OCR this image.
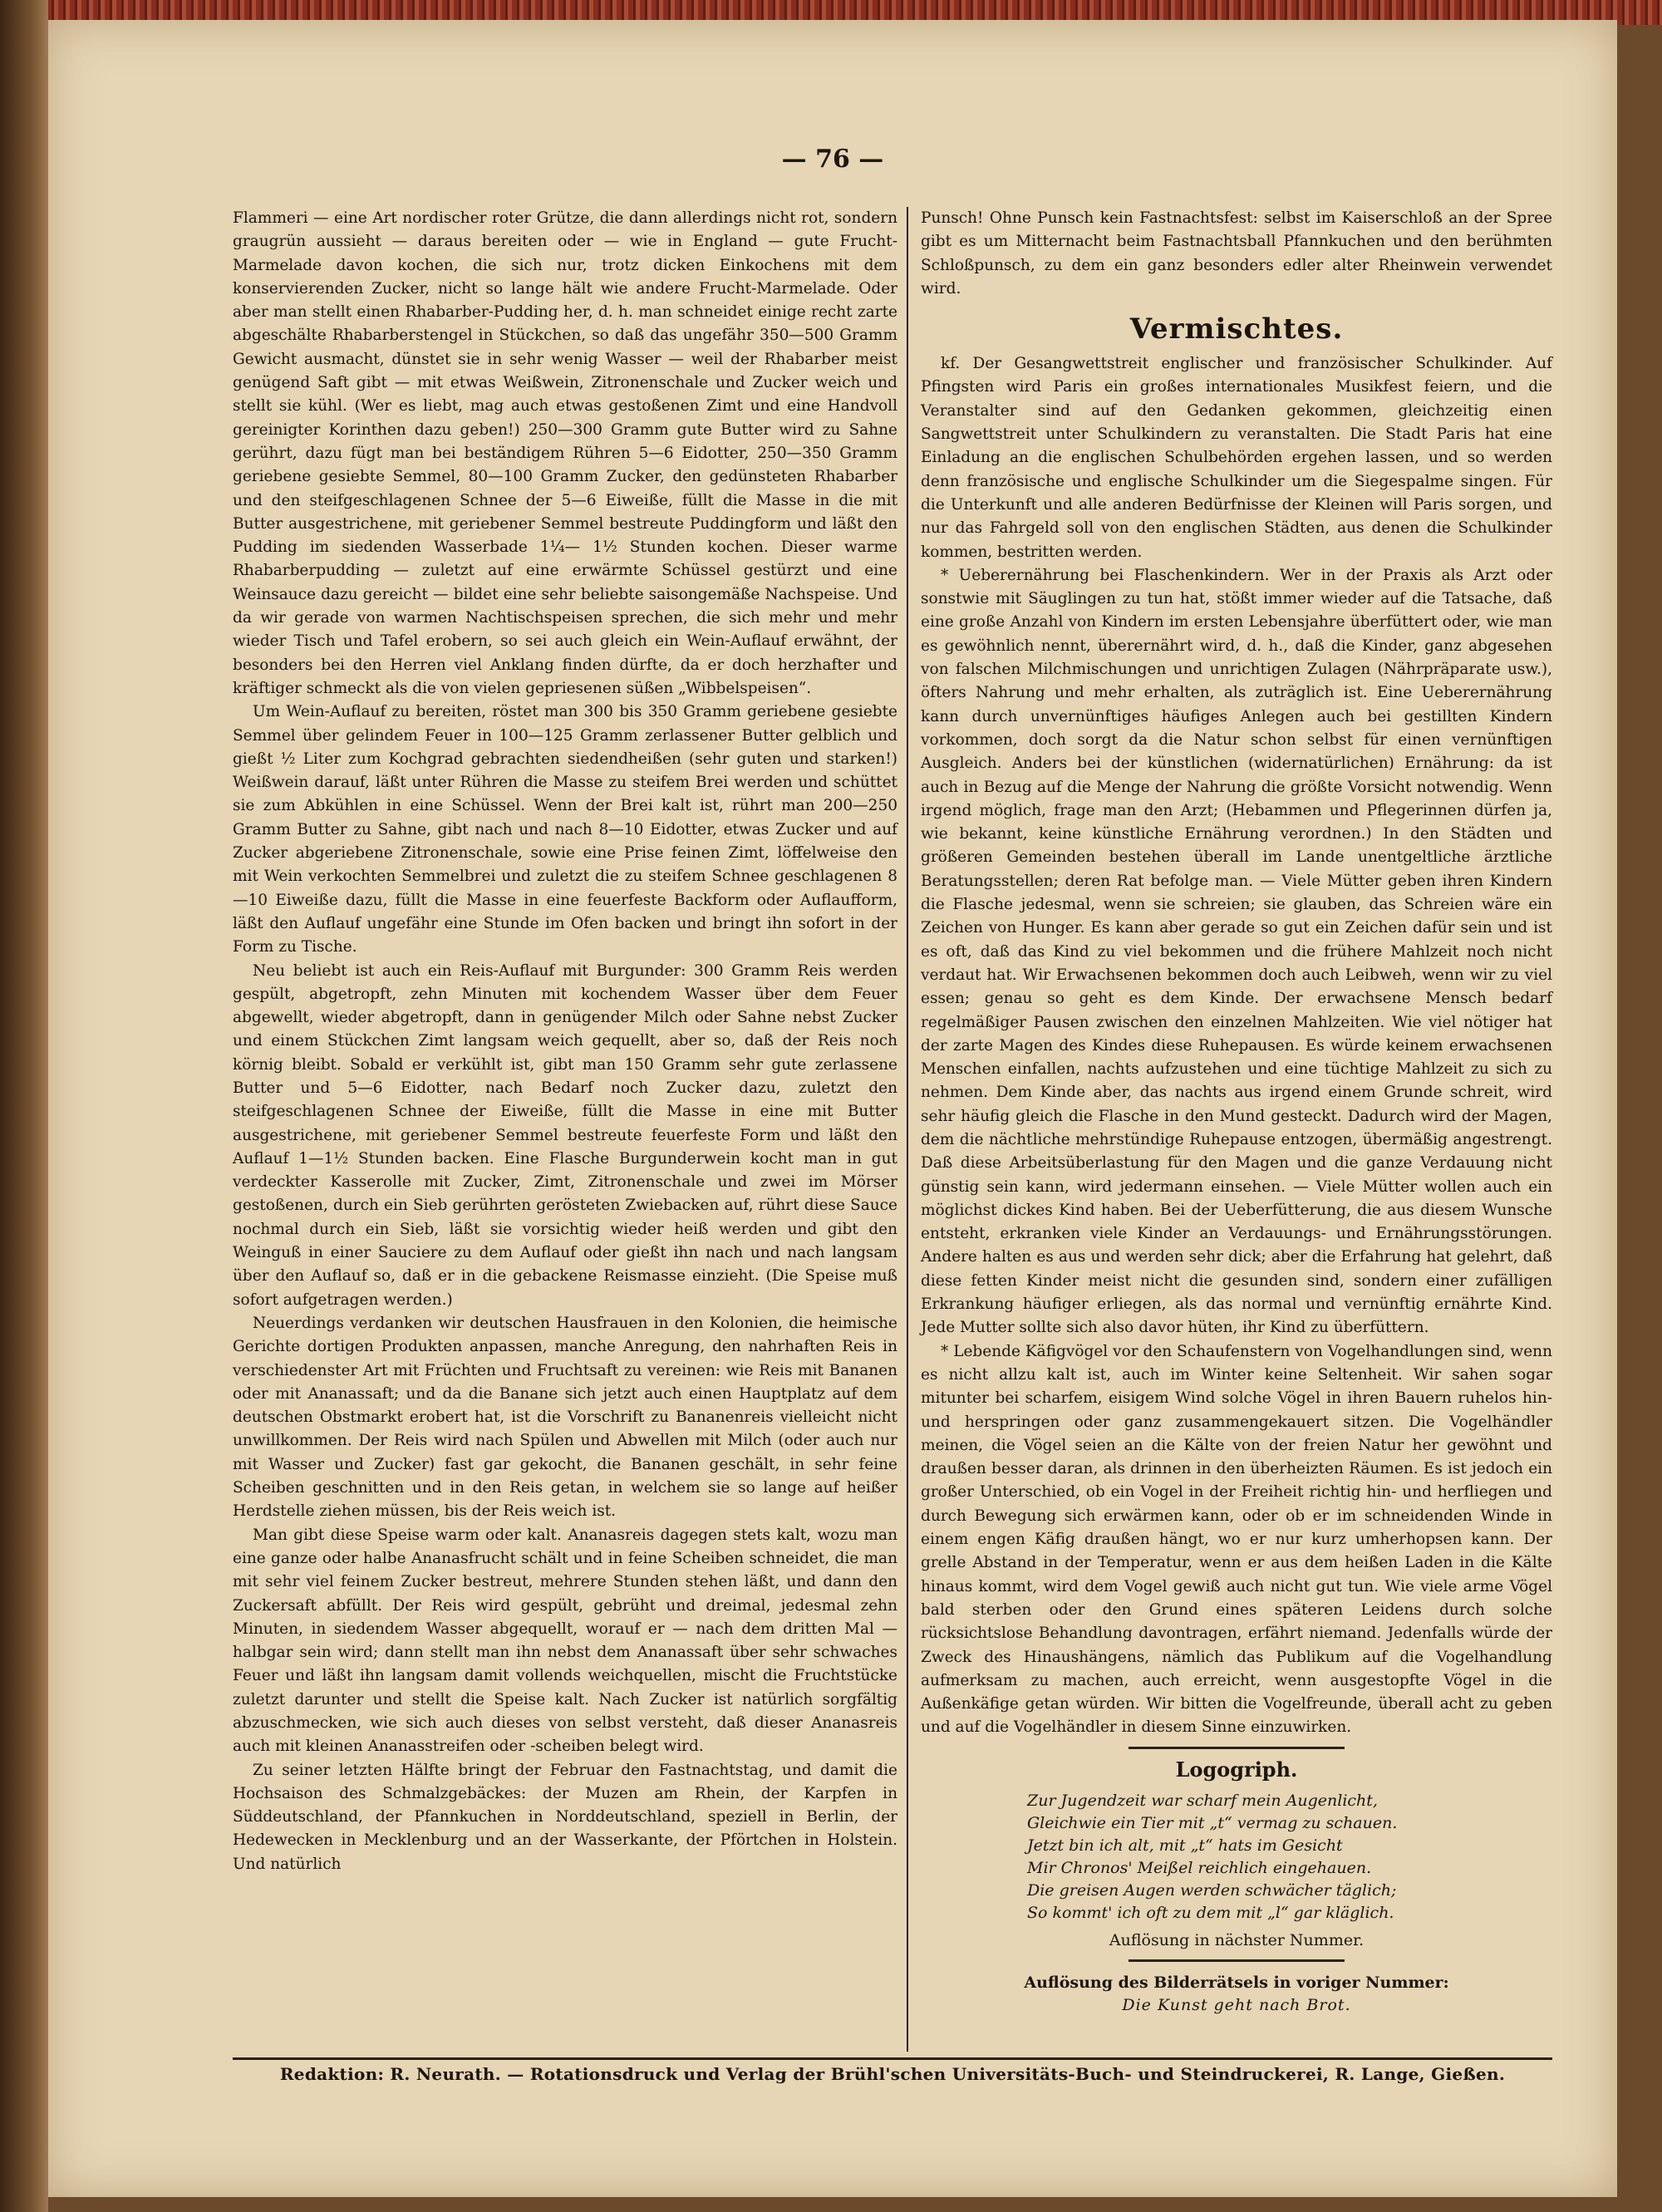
— 76 —

Flammeri — eine Art nordischer roter Grütze, die dann allerdings nicht rot, sondern graugrün aussieht — daraus bereiten oder — wie in England — gute Frucht-Marmelade davon kochen, die sich nur, trotz dicken Einkochens mit dem konservierenden Zucker, nicht so lange hält wie andere Frucht-Marmelade. Oder aber man stellt einen Rhabarber-Pudding her, d. h. man schneidet einige recht zarte abgeschälte Rhabarberstengel in Stückchen, so daß das ungefähr 350—500 Gramm Gewicht ausmacht, dünstet sie in sehr wenig Wasser — weil der Rhabarber meist genügend Saft gibt — mit etwas Weißwein, Zitronenschale und Zucker weich und stellt sie kühl. (Wer es liebt, mag auch etwas gestoßenen Zimt und eine Handvoll gereinigter Korinthen dazu geben!) 250—300 Gramm gute Butter wird zu Sahne gerührt, dazu fügt man bei beständigem Rühren 5—6 Eidotter, 250—350 Gramm geriebene gesiebte Semmel, 80—100 Gramm Zucker, den gedünsteten Rhabarber und den steifgeschlagenen Schnee der 5—6 Eiweiße, füllt die Masse in die mit Butter ausgestrichene, mit geriebener Semmel bestreute Puddingform und läßt den Pudding im siedenden Wasserbade 1¼— 1½ Stunden kochen. Dieser warme Rhabarberpudding — zuletzt auf eine erwärmte Schüssel gestürzt und eine Weinsauce dazu gereicht — bildet eine sehr beliebte saisongemäße Nachspeise. Und da wir gerade von warmen Nachtischspeisen sprechen, die sich mehr und mehr wieder Tisch und Tafel erobern, so sei auch gleich ein Wein-Auflauf erwähnt, der besonders bei den Herren viel Anklang finden dürfte, da er doch herzhafter und kräftiger schmeckt als die von vielen gepriesenen süßen „Wibbelspeisen“.

Um Wein-Auflauf zu bereiten, röstet man 300 bis 350 Gramm geriebene gesiebte Semmel über gelindem Feuer in 100—125 Gramm zerlassener Butter gelblich und gießt ½ Liter zum Kochgrad gebrachten siedendheißen (sehr guten und starken!) Weißwein darauf, läßt unter Rühren die Masse zu steifem Brei werden und schüttet sie zum Abkühlen in eine Schüssel. Wenn der Brei kalt ist, rührt man 200—250 Gramm Butter zu Sahne, gibt nach und nach 8—10 Eidotter, etwas Zucker und auf Zucker abgeriebene Zitronenschale, sowie eine Prise feinen Zimt, löffelweise den mit Wein verkochten Semmelbrei und zuletzt die zu steifem Schnee geschlagenen 8—10 Eiweiße dazu, füllt die Masse in eine feuerfeste Backform oder Auflaufform, läßt den Auflauf ungefähr eine Stunde im Ofen backen und bringt ihn sofort in der Form zu Tische.

Neu beliebt ist auch ein Reis-Auflauf mit Burgunder: 300 Gramm Reis werden gespült, abgetropft, zehn Minuten mit kochendem Wasser über dem Feuer abgewellt, wieder abgetropft, dann in genügender Milch oder Sahne nebst Zucker und einem Stückchen Zimt langsam weich gequellt, aber so, daß der Reis noch körnig bleibt. Sobald er verkühlt ist, gibt man 150 Gramm sehr gute zerlassene Butter und 5—6 Eidotter, nach Bedarf noch Zucker dazu, zuletzt den steifgeschlagenen Schnee der Eiweiße, füllt die Masse in eine mit Butter ausgestrichene, mit geriebener Semmel bestreute feuerfeste Form und läßt den Auflauf 1—1½ Stunden backen. Eine Flasche Burgunderwein kocht man in gut verdeckter Kasserolle mit Zucker, Zimt, Zitronenschale und zwei im Mörser gestoßenen, durch ein Sieb gerührten gerösteten Zwiebacken auf, rührt diese Sauce nochmal durch ein Sieb, läßt sie vorsichtig wieder heiß werden und gibt den Weinguß in einer Sauciere zu dem Auflauf oder gießt ihn nach und nach langsam über den Auflauf so, daß er in die gebackene Reismasse einzieht. (Die Speise muß sofort aufgetragen werden.)

Neuerdings verdanken wir deutschen Hausfrauen in den Kolonien, die heimische Gerichte dortigen Produkten anpassen, manche Anregung, den nahrhaften Reis in verschiedenster Art mit Früchten und Fruchtsaft zu vereinen: wie Reis mit Bananen oder mit Ananassaft; und da die Banane sich jetzt auch einen Hauptplatz auf dem deutschen Obstmarkt erobert hat, ist die Vorschrift zu Bananenreis vielleicht nicht unwillkommen. Der Reis wird nach Spülen und Abwellen mit Milch (oder auch nur mit Wasser und Zucker) fast gar gekocht, die Bananen geschält, in sehr feine Scheiben geschnitten und in den Reis getan, in welchem sie so lange auf heißer Herdstelle ziehen müssen, bis der Reis weich ist.

Man gibt diese Speise warm oder kalt. Ananasreis dagegen stets kalt, wozu man eine ganze oder halbe Ananasfrucht schält und in feine Scheiben schneidet, die man mit sehr viel feinem Zucker bestreut, mehrere Stunden stehen läßt, und dann den Zuckersaft abfüllt. Der Reis wird gespült, gebrüht und dreimal, jedesmal zehn Minuten, in siedendem Wasser abgequellt, worauf er — nach dem dritten Mal — halbgar sein wird; dann stellt man ihn nebst dem Ananassaft über sehr schwaches Feuer und läßt ihn langsam damit vollends weichquellen, mischt die Fruchtstücke zuletzt darunter und stellt die Speise kalt. Nach Zucker ist natürlich sorgfältig abzuschmecken, wie sich auch dieses von selbst versteht, daß dieser Ananasreis auch mit kleinen Ananasstreifen oder -scheiben belegt wird.

Zu seiner letzten Hälfte bringt der Februar den Fastnachtstag, und damit die Hochsaison des Schmalzgebäckes: der Muzen am Rhein, der Karpfen in Süddeutschland, der Pfannkuchen in Norddeutschland, speziell in Berlin, der Hedewecken in Mecklenburg und an der Wasserkante, der Pförtchen in Holstein. Und natürlich

Punsch! Ohne Punsch kein Fastnachtsfest: selbst im Kaiserschloß an der Spree gibt es um Mitternacht beim Fastnachtsball Pfannkuchen und den berühmten Schloßpunsch, zu dem ein ganz besonders edler alter Rheinwein verwendet wird.

Vermischtes.

kf. Der Gesangwettstreit englischer und französischer Schulkinder. Auf Pfingsten wird Paris ein großes internationales Musikfest feiern, und die Veranstalter sind auf den Gedanken gekommen, gleichzeitig einen Sangwettstreit unter Schulkindern zu veranstalten. Die Stadt Paris hat eine Einladung an die englischen Schulbehörden ergehen lassen, und so werden denn französische und englische Schulkinder um die Siegespalme singen. Für die Unterkunft und alle anderen Bedürfnisse der Kleinen will Paris sorgen, und nur das Fahrgeld soll von den englischen Städten, aus denen die Schulkinder kommen, bestritten werden.

* Ueberernährung bei Flaschenkindern. Wer in der Praxis als Arzt oder sonstwie mit Säuglingen zu tun hat, stößt immer wieder auf die Tatsache, daß eine große Anzahl von Kindern im ersten Lebensjahre überfüttert oder, wie man es gewöhnlich nennt, überernährt wird, d. h., daß die Kinder, ganz abgesehen von falschen Milchmischungen und unrichtigen Zulagen (Nährpräparate usw.), öfters Nahrung und mehr erhalten, als zuträglich ist. Eine Ueberernährung kann durch unvernünftiges häufiges Anlegen auch bei gestillten Kindern vorkommen, doch sorgt da die Natur schon selbst für einen vernünftigen Ausgleich. Anders bei der künstlichen (widernatürlichen) Ernährung: da ist auch in Bezug auf die Menge der Nahrung die größte Vorsicht notwendig. Wenn irgend möglich, frage man den Arzt; (Hebammen und Pflegerinnen dürfen ja, wie bekannt, keine künstliche Ernährung verordnen.) In den Städten und größeren Gemeinden bestehen überall im Lande unentgeltliche ärztliche Beratungsstellen; deren Rat befolge man. — Viele Mütter geben ihren Kindern die Flasche jedesmal, wenn sie schreien; sie glauben, das Schreien wäre ein Zeichen von Hunger. Es kann aber gerade so gut ein Zeichen dafür sein und ist es oft, daß das Kind zu viel bekommen und die frühere Mahlzeit noch nicht verdaut hat. Wir Erwachsenen bekommen doch auch Leibweh, wenn wir zu viel essen; genau so geht es dem Kinde. Der erwachsene Mensch bedarf regelmäßiger Pausen zwischen den einzelnen Mahlzeiten. Wie viel nötiger hat der zarte Magen des Kindes diese Ruhepausen. Es würde keinem erwachsenen Menschen einfallen, nachts aufzustehen und eine tüchtige Mahlzeit zu sich zu nehmen. Dem Kinde aber, das nachts aus irgend einem Grunde schreit, wird sehr häufig gleich die Flasche in den Mund gesteckt. Dadurch wird der Magen, dem die nächtliche mehrstündige Ruhepause entzogen, übermäßig angestrengt. Daß diese Arbeitsüberlastung für den Magen und die ganze Verdauung nicht günstig sein kann, wird jedermann einsehen. — Viele Mütter wollen auch ein möglichst dickes Kind haben. Bei der Ueberfütterung, die aus diesem Wunsche entsteht, erkranken viele Kinder an Verdauungs- und Ernährungsstörungen. Andere halten es aus und werden sehr dick; aber die Erfahrung hat gelehrt, daß diese fetten Kinder meist nicht die gesunden sind, sondern einer zufälligen Erkrankung häufiger erliegen, als das normal und vernünftig ernährte Kind. Jede Mutter sollte sich also davor hüten, ihr Kind zu überfüttern.

* Lebende Käfigvögel vor den Schaufenstern von Vogelhandlungen sind, wenn es nicht allzu kalt ist, auch im Winter keine Seltenheit. Wir sahen sogar mitunter bei scharfem, eisigem Wind solche Vögel in ihren Bauern ruhelos hin- und herspringen oder ganz zusammengekauert sitzen. Die Vogelhändler meinen, die Vögel seien an die Kälte von der freien Natur her gewöhnt und draußen besser daran, als drinnen in den überheizten Räumen. Es ist jedoch ein großer Unterschied, ob ein Vogel in der Freiheit richtig hin- und herfliegen und durch Bewegung sich erwärmen kann, oder ob er im schneidenden Winde in einem engen Käfig draußen hängt, wo er nur kurz umherhopsen kann. Der grelle Abstand in der Temperatur, wenn er aus dem heißen Laden in die Kälte hinaus kommt, wird dem Vogel gewiß auch nicht gut tun. Wie viele arme Vögel bald sterben oder den Grund eines späteren Leidens durch solche rücksichtslose Behandlung davontragen, erfährt niemand. Jedenfalls würde der Zweck des Hinaushängens, nämlich das Publikum auf die Vogelhandlung aufmerksam zu machen, auch erreicht, wenn ausgestopfte Vögel in die Außenkäfige getan würden. Wir bitten die Vogelfreunde, überall acht zu geben und auf die Vogelhändler in diesem Sinne einzuwirken.

Logogriph.
Zur Jugendzeit war scharf mein Augenlicht,
Gleichwie ein Tier mit „t“ vermag zu schauen.
Jetzt bin ich alt, mit „t“ hats im Gesicht
Mir Chronos' Meißel reichlich eingehauen.
Die greisen Augen werden schwächer täglich;
So kommt' ich oft zu dem mit „l“ gar kläglich.
Auflösung in nächster Nummer.
Auflösung des Bilderrätsels in voriger Nummer:
Die Kunst geht nach Brot.
Redaktion: R. Neurath. — Rotationsdruck und Verlag der Brühl'schen Universitäts-Buch- und Steindruckerei, R. Lange, Gießen.
